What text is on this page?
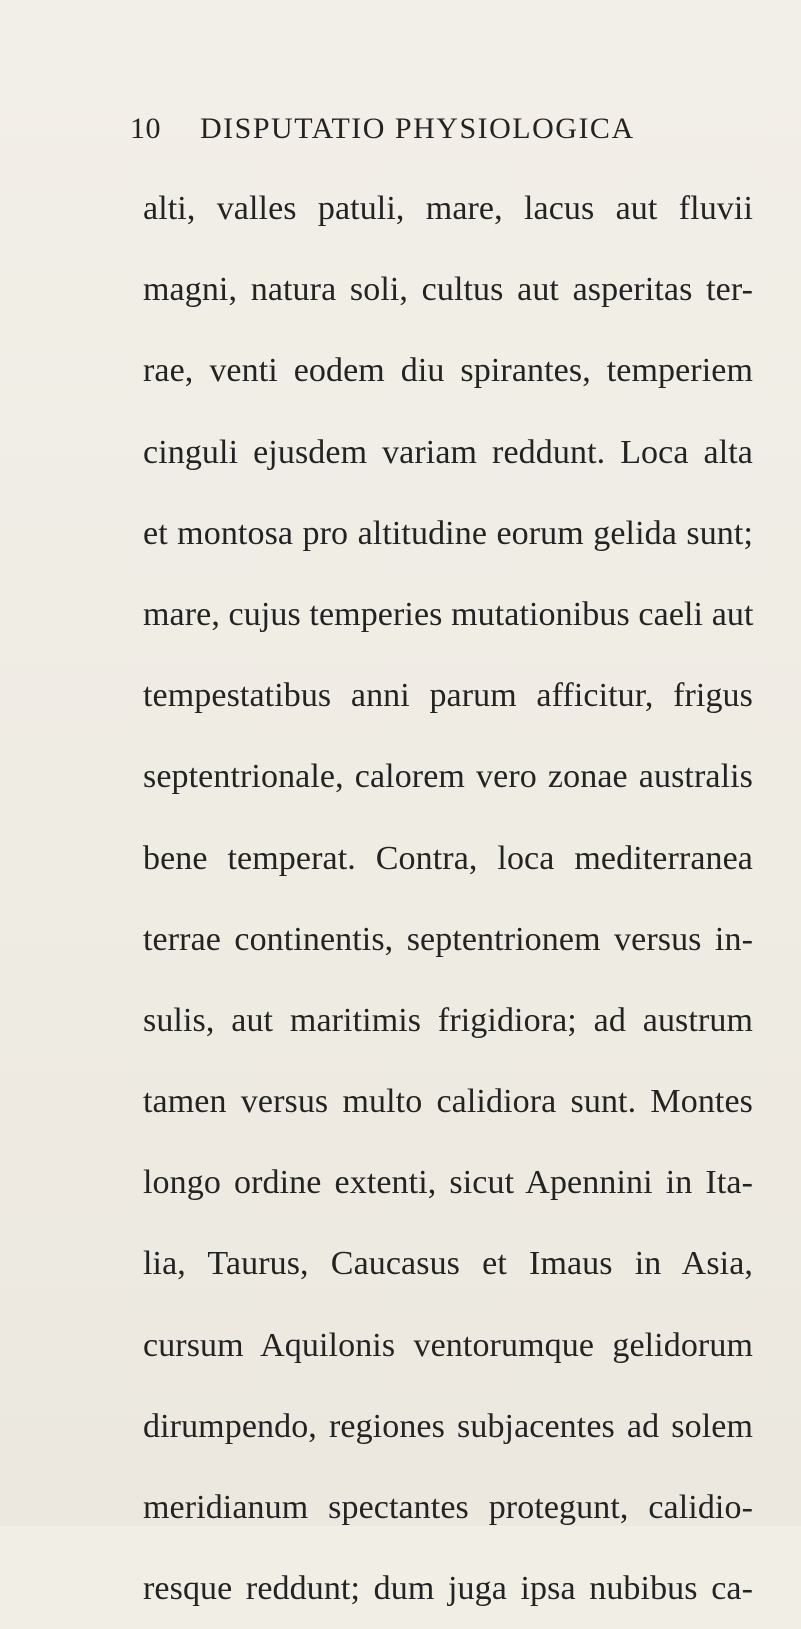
10 DISPUTATIO PHYSIOLOGICA
alti, valles patuli, mare, lacus aut fluvii
magni, natura soli, cultus aut asperitas ter-
rae, venti eodem diu spirantes, temperiem
cinguli ejusdem variam reddunt. Loca alta
et montosa pro altitudine eorum gelida sunt;
mare, cujus temperies mutationibus caeli aut
tempestatibus anni parum afficitur, frigus
septentrionale, calorem vero zonae australis
bene temperat. Contra, loca mediterranea
terrae continentis, septentrionem versus in-
sulis, aut maritimis frigidiora; ad austrum
tamen versus multo calidiora sunt. Montes
longo ordine extenti, sicut Apennini in Ita-
lia, Taurus, Caucasus et Imaus in Asia,
cursum Aquilonis ventorumque gelidorum
dirumpendo, regiones subjacentes ad solem
meridianum spectantes protegunt, calidio-
resque reddunt; dum juga ipsa nubibus ca-
